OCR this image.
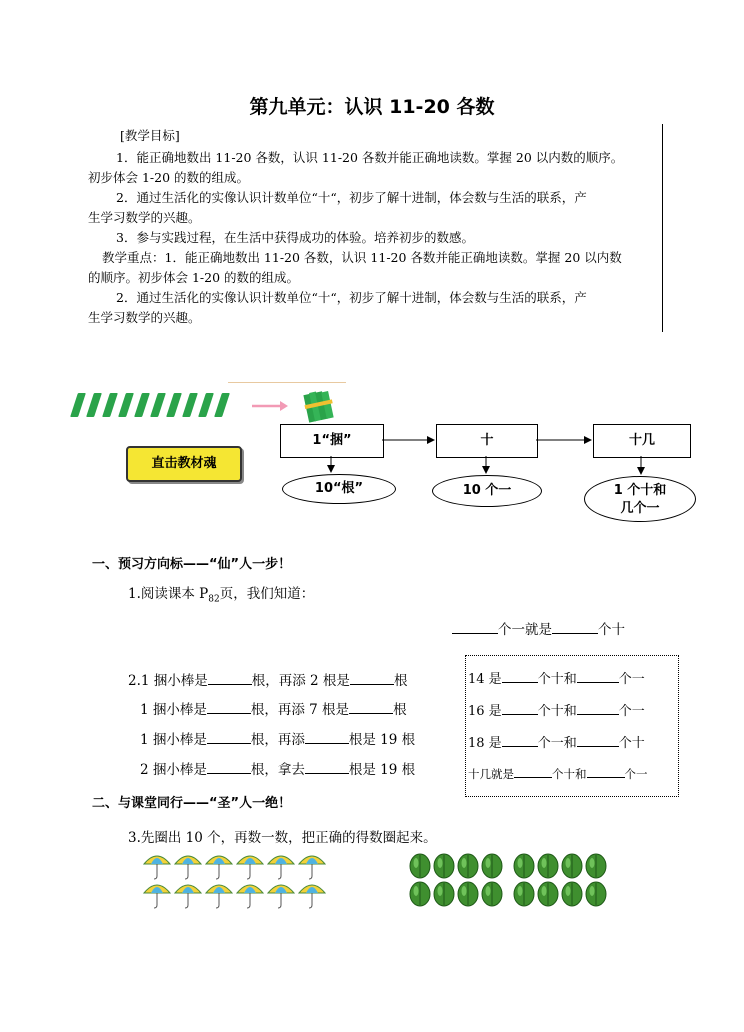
第九单元：认识 11-20 各数
[教学目标]

1．能正确地数出 11-20 各数，认识 11-20 各数并能正确地读数。掌握 20 以内数的顺序。

初步体会 1-20 的数的组成。

2．通过生活化的实像认识计数单位“十“，初步了解十进制，体会数与生活的联系，产

生学习数学的兴趣。

3．参与实践过程，在生活中获得成功的体验。培养初步的数感。

教学重点：1．能正确地数出 11-20 各数，认识 11-20 各数并能正确地读数。掌握 20 以内数

的顺序。初步体会 1-20 的数的组成。

2．通过生活化的实像认识计数单位“十“，初步了解十进制，体会数与生活的联系，产

生学习数学的兴趣。

1“捆”	十	十几
10“根”	10 个一	1 个十和
几个一
直击教材魂
一、预习方向标——“仙”人一步！
1.阅读课本 $P_{82}$页，我们知道：
个一就是	个十
2.1 捆小棒是	根，再添 2 根是	根
1 捆小棒是	根，再添 7 根是	根
1 捆小棒是	根，再添	根是 19 根
2 捆小棒是	根，拿去	根是 19 根
14 是	个十和	个一
16 是	个十和	个一
18 是	个一和	个十
十几就是	个十和	个一
二、与课堂同行——“圣”人一绝！
3.先圈出 10 个，再数一数，把正确的得数圈起来。
